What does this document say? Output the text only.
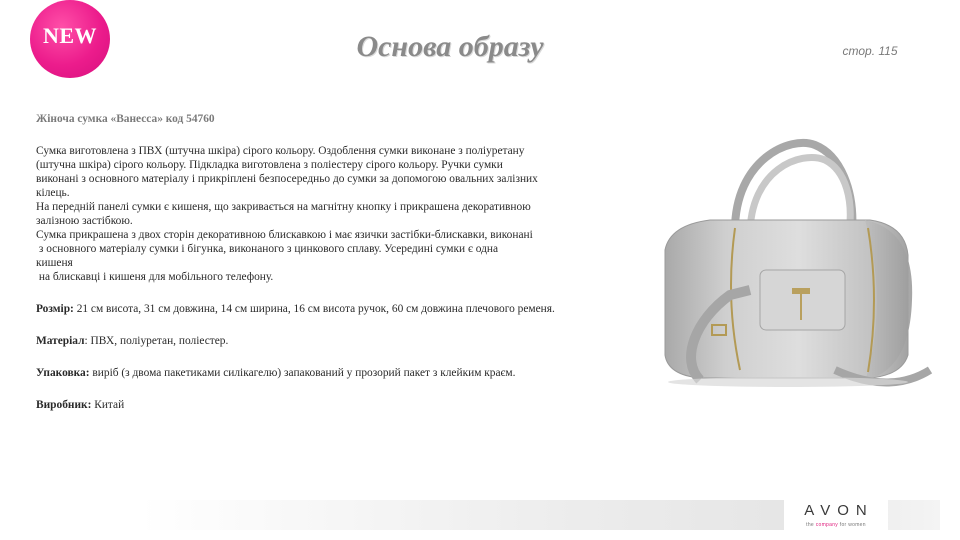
NEW	Основа образу	стор. 115
Жіноча сумка «Ванесса» код 54760

Сумка виготовлена з ПВХ (штучна шкіра) сірого кольору. Оздоблення сумки виконане з поліуретану

(штучна шкіра) сірого кольору. Підкладка виготовлена з поліестеру сірого кольору. Ручки сумки

виконані з основного матеріалу і прикріплені безпосередньо до сумки за допомогою овальних залізних

кілець.

На передній панелі сумки є кишеня, що закривається на магнітну кнопку і прикрашена декоративною

залізною застібкою.

Сумка прикрашена з двох сторін декоративною блискавкою і має язички застібки-блискавки, виконані

з основного матеріалу сумки і бігунка, виконаного з цинкового сплаву. Усередині сумки є одна

кишеня

на блискавці і кишеня для мобільного телефону.

Розмір: 21 см висота, 31 см довжина, 14 см ширина, 16 см висота ручок, 60 см довжина плечового ременя.

Матеріал: ПВХ, поліуретан, поліестер.

Упаковка: виріб (з двома пакетиками силікагелю) запакований у прозорий пакет з клейким краєм.

Виробник: Китай

AVON
the company for women
